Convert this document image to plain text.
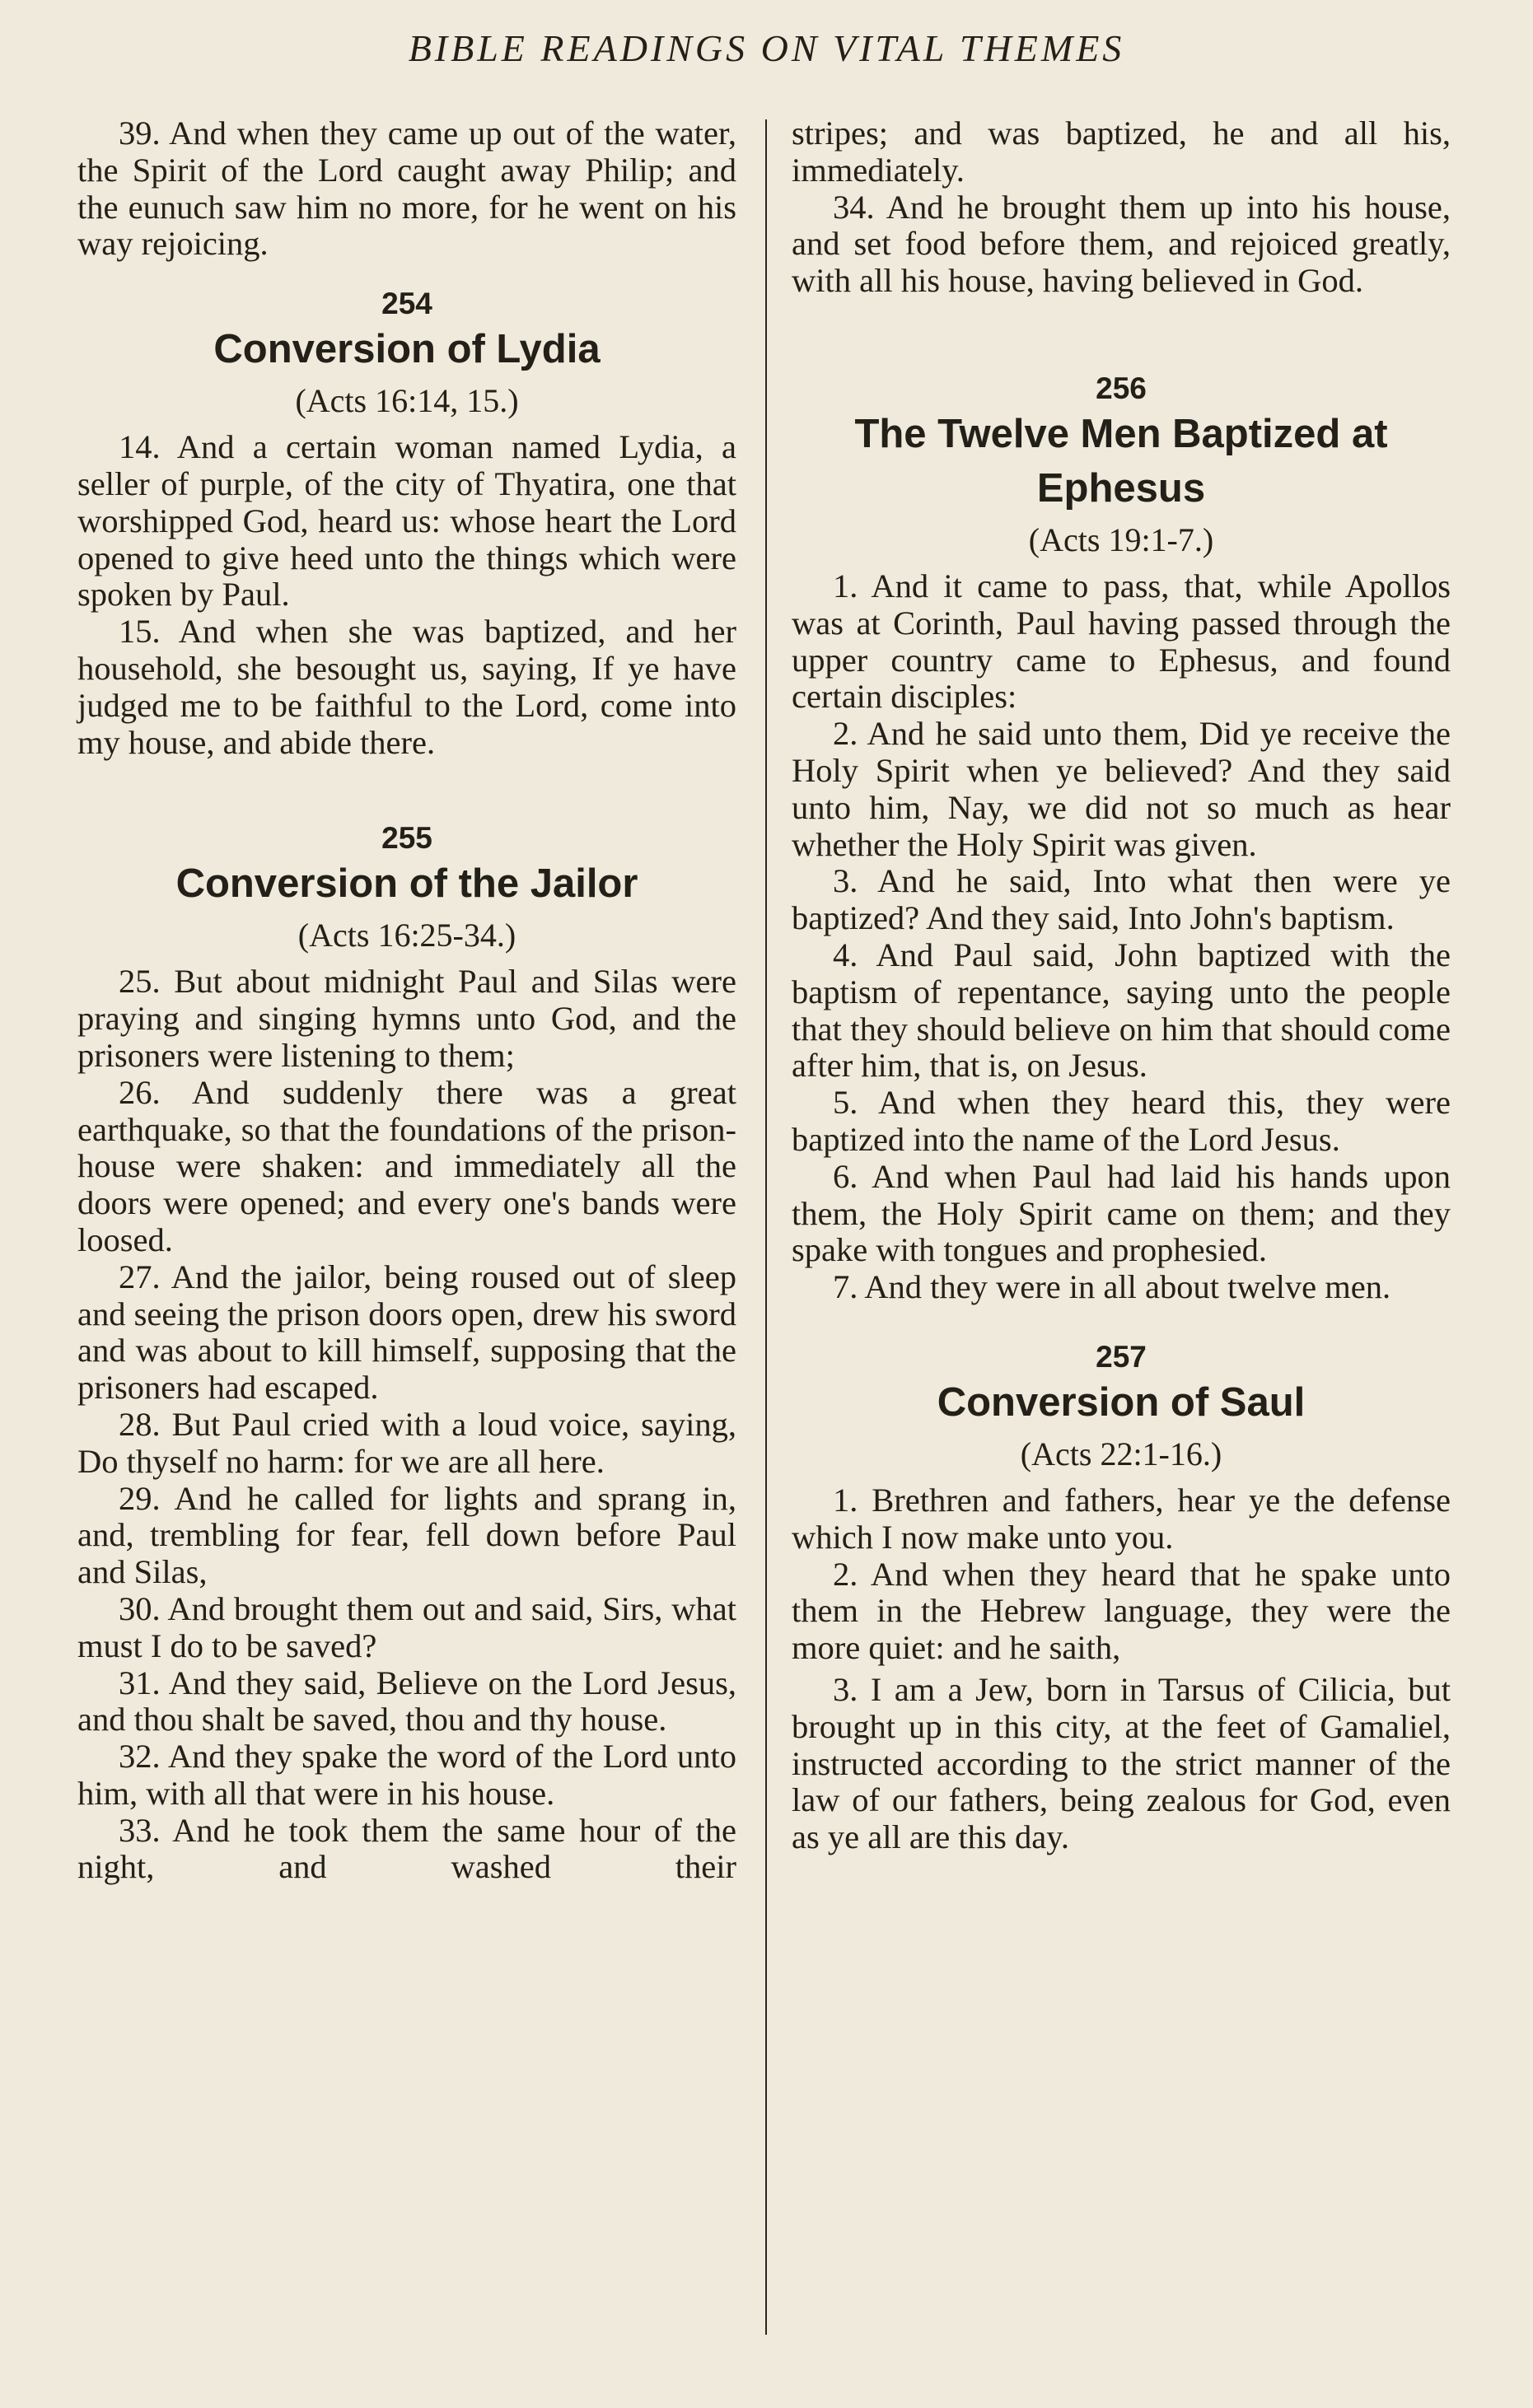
BIBLE READINGS ON VITAL THEMES

39. And when they came up out of the water, the Spirit of the Lord caught away Philip; and the eunuch saw him no more, for he went on his way rejoicing.

254
Conversion of Lydia
(Acts 16:14, 15.)

14. And a certain woman named Lydia, a seller of purple, of the city of Thyatira, one that worshipped God, heard us: whose heart the Lord opened to give heed unto the things which were spoken by Paul.

15. And when she was baptized, and her household, she besought us, saying, If ye have judged me to be faithful to the Lord, come into my house, and abide there.

255
Conversion of the Jailor
(Acts 16:25-34.)

25. But about midnight Paul and Silas were praying and singing hymns unto God, and the prisoners were listening to them;

26. And suddenly there was a great earthquake, so that the foundations of the prison-house were shaken: and immediately all the doors were opened; and every one's bands were loosed.

27. And the jailor, being roused out of sleep and seeing the prison doors open, drew his sword and was about to kill himself, supposing that the prisoners had escaped.

28. But Paul cried with a loud voice, saying, Do thyself no harm: for we are all here.

29. And he called for lights and sprang in, and, trembling for fear, fell down before Paul and Silas,

30. And brought them out and said, Sirs, what must I do to be saved?

31. And they said, Believe on the Lord Jesus, and thou shalt be saved, thou and thy house.

32. And they spake the word of the Lord unto him, with all that were in his house.

33. And he took them the same hour of the night, and washed their

stripes; and was baptized, he and all his, immediately.

34. And he brought them up into his house, and set food before them, and rejoiced greatly, with all his house, having believed in God.

256
The Twelve Men Baptized at Ephesus
(Acts 19:1-7.)

1. And it came to pass, that, while Apollos was at Corinth, Paul having passed through the upper country came to Ephesus, and found certain disciples:

2. And he said unto them, Did ye receive the Holy Spirit when ye believed? And they said unto him, Nay, we did not so much as hear whether the Holy Spirit was given.

3. And he said, Into what then were ye baptized? And they said, Into John's baptism.

4. And Paul said, John baptized with the baptism of repentance, saying unto the people that they should believe on him that should come after him, that is, on Jesus.

5. And when they heard this, they were baptized into the name of the Lord Jesus.

6. And when Paul had laid his hands upon them, the Holy Spirit came on them; and they spake with tongues and prophesied.

7. And they were in all about twelve men.

257
Conversion of Saul
(Acts 22:1-16.)

1. Brethren and fathers, hear ye the defense which I now make unto you.

2. And when they heard that he spake unto them in the Hebrew language, they were the more quiet: and he saith,

3. I am a Jew, born in Tarsus of Cilicia, but brought up in this city, at the feet of Gamaliel, instructed according to the strict manner of the law of our fathers, being zealous for God, even as ye all are this day.
